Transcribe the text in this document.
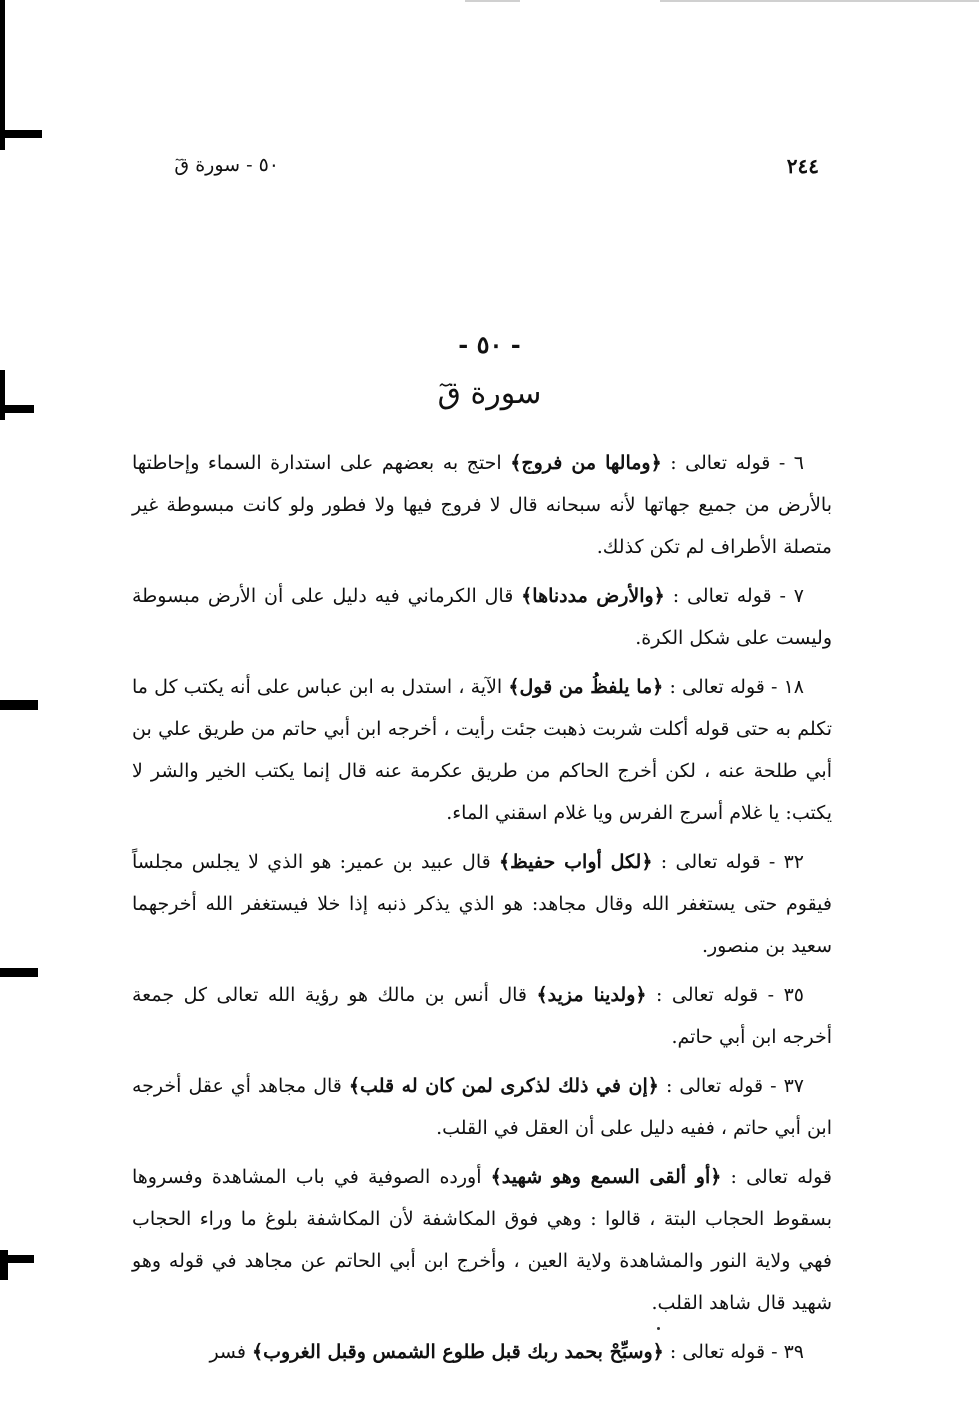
٥٠ - سورة قٓ	٢٤٤
- ٥٠ -
سورة قٓ

٦ - قوله تعالى : ﴿ومالها من فروج﴾ احتج به بعضهم على استدارة السماء وإحاطتها بالأرض من جميع جهاتها لأنه سبحانه قال لا فروج فيها ولا فطور ولو كانت مبسوطة غير متصلة الأطراف لم تكن كذلك.

٧ - قوله تعالى : ﴿والأرض مددناها﴾ قال الكرماني فيه دليل على أن الأرض مبسوطة وليست على شكل الكرة.

١٨ - قوله تعالى : ﴿ما يلفظُ من قول﴾ الآية ، استدل به ابن عباس على أنه يكتب كل ما تكلم به حتى قوله أكلت شربت ذهبت جئت رأيت ، أخرجه ابن أبي حاتم من طريق علي بن أبي طلحة عنه ، لكن أخرج الحاكم من طريق عكرمة عنه قال إنما يكتب الخير والشر لا يكتب: يا غلام أسرج الفرس ويا غلام اسقني الماء.

٣٢ - قوله تعالى : ﴿لكل أواب حفيظ﴾ قال عبيد بن عمير: هو الذي لا يجلس مجلساً فيقوم حتى يستغفر الله وقال مجاهد: هو الذي يذكر ذنبه إذا خلا فيستغفر الله أخرجهما سعيد بن منصور.

٣٥ - قوله تعالى : ﴿ولدينا مزيد﴾ قال أنس بن مالك هو رؤية الله تعالى كل جمعة أخرجه ابن أبي حاتم.

٣٧ - قوله تعالى : ﴿إن في ذلك لذكرى لمن كان له قلب﴾ قال مجاهد أي عقل أخرجه ابن أبي حاتم ، ففيه دليل على أن العقل في القلب.

قوله تعالى : ﴿أو ألقى السمع وهو شهيد﴾ أورده الصوفية في باب المشاهدة وفسروها بسقوط الحجاب البتة ، قالوا : وهي فوق المكاشفة لأن المكاشفة بلوغ ما وراء الحجاب فهي ولاية النور والمشاهدة ولاية العين ، وأخرج ابن أبي الحاتم عن مجاهد في قوله وهو شهيد قال شاهد القلب.

٣٩ - قوله تعالى : ﴿وسبِّحْ بحمد ربك قبل طلوع الشمس وقبل الغروب﴾ فسر
